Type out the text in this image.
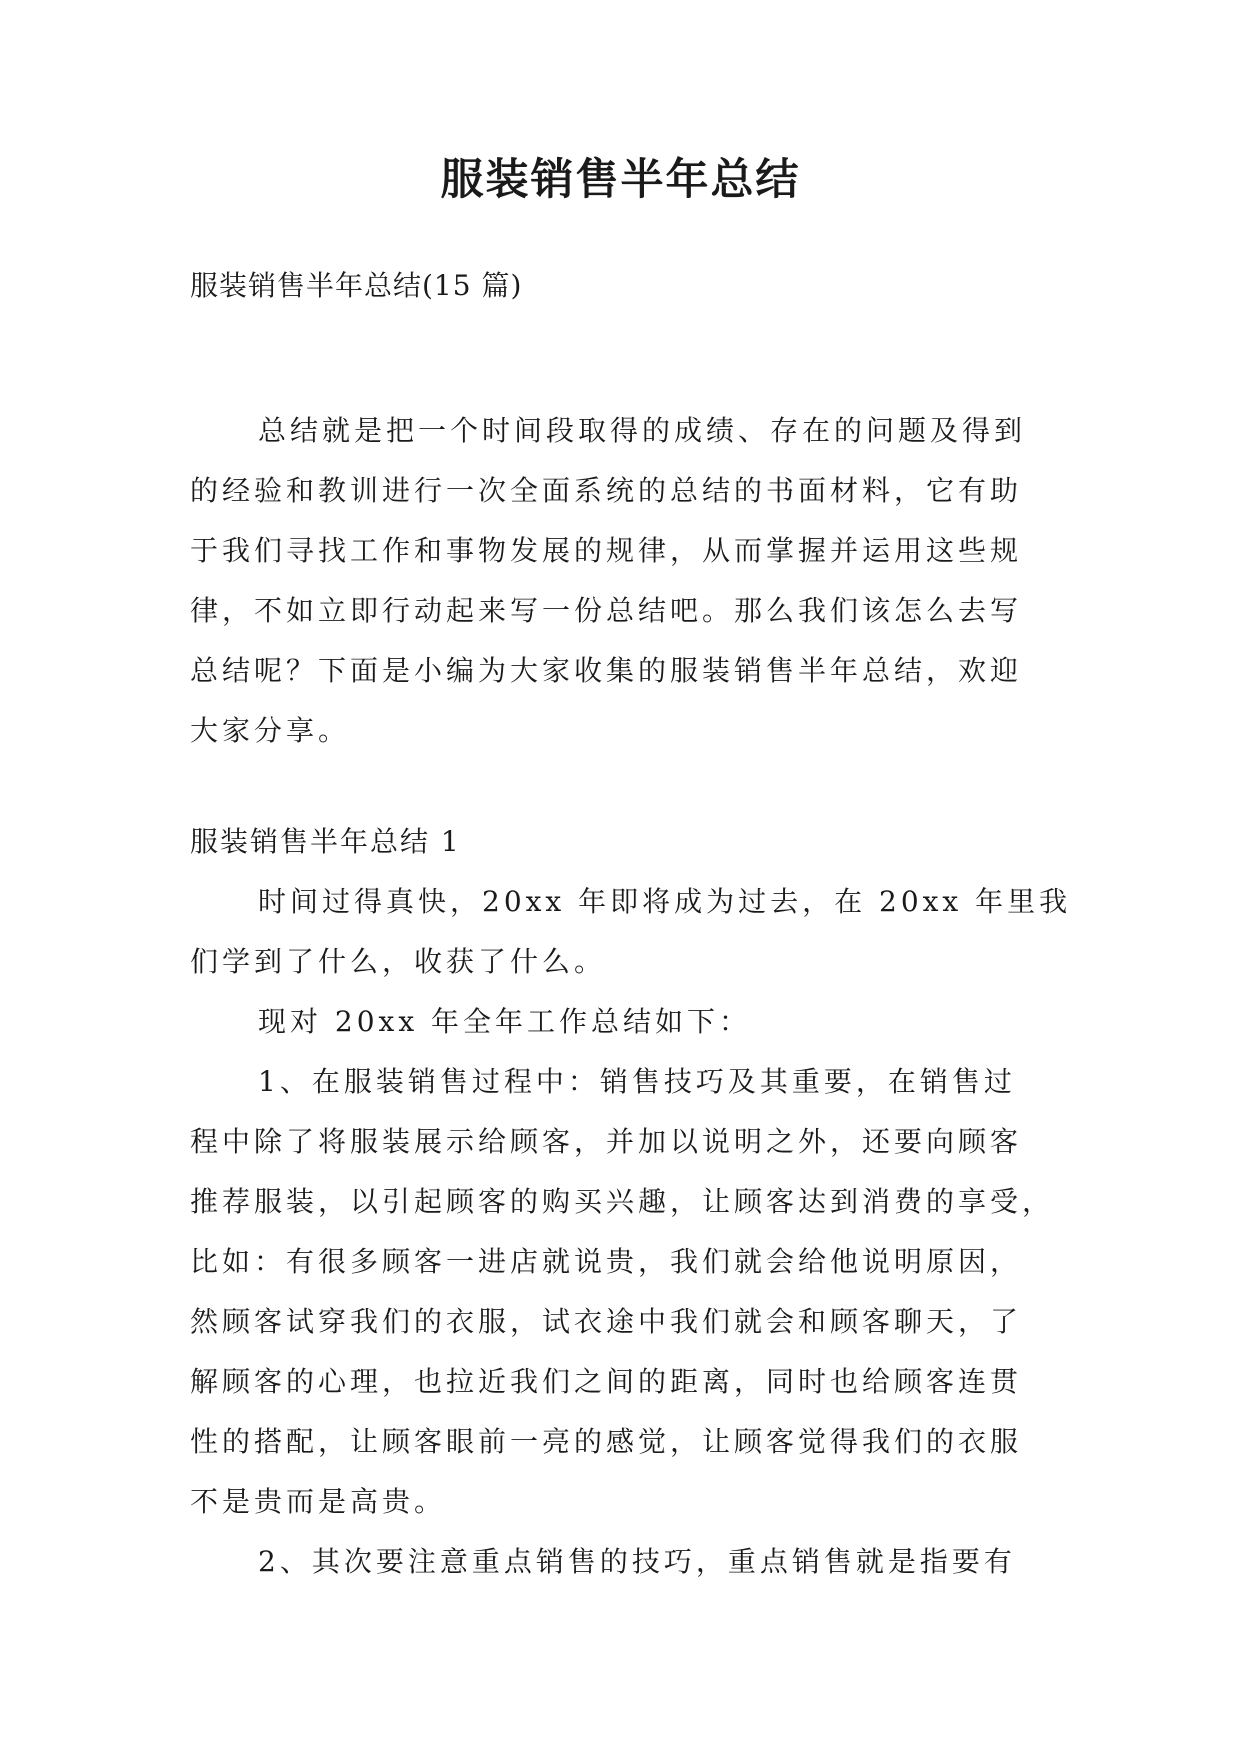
服装销售半年总结
服装销售半年总结(15 篇)
总结就是把一个时间段取得的成绩、存在的问题及得到
的经验和教训进行一次全面系统的总结的书面材料，它有助
于我们寻找工作和事物发展的规律，从而掌握并运用这些规
律，不如立即行动起来写一份总结吧。那么我们该怎么去写
总结呢？下面是小编为大家收集的服装销售半年总结，欢迎
大家分享。
服装销售半年总结 1
时间过得真快，20xx 年即将成为过去，在 20xx 年里我
们学到了什么，收获了什么。
现对 20xx 年全年工作总结如下：
1、在服装销售过程中：销售技巧及其重要，在销售过
程中除了将服装展示给顾客，并加以说明之外，还要向顾客
推荐服装，以引起顾客的购买兴趣，让顾客达到消费的享受，
比如：有很多顾客一进店就说贵，我们就会给他说明原因，
然顾客试穿我们的衣服，试衣途中我们就会和顾客聊天，了
解顾客的心理，也拉近我们之间的距离，同时也给顾客连贯
性的搭配，让顾客眼前一亮的感觉，让顾客觉得我们的衣服
不是贵而是高贵。
2、其次要注意重点销售的技巧，重点销售就是指要有
